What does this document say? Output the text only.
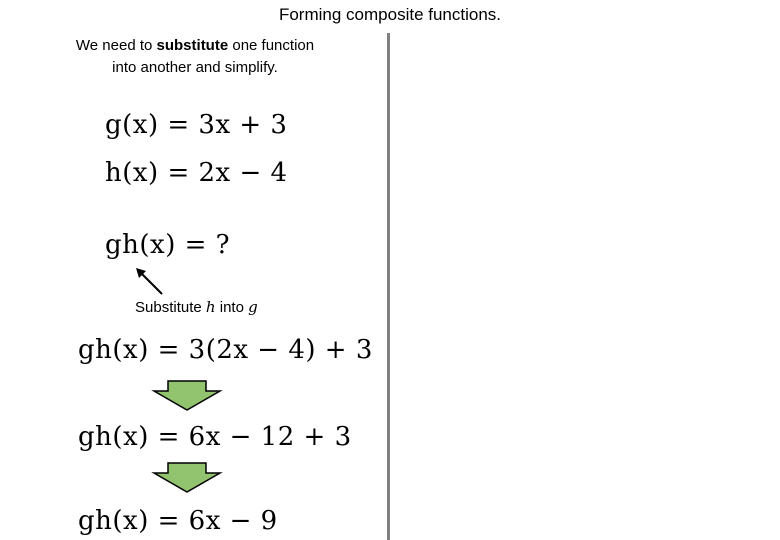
Forming composite functions.
We need to substitute one function
into another and simplify.
g(x) = 3x + 3
h(x) = 2x − 4
gh(x) = ?
Substitute h into g
gh(x) = 3(2x − 4) + 3
gh(x) = 6x − 12 + 3
gh(x) = 6x − 9
